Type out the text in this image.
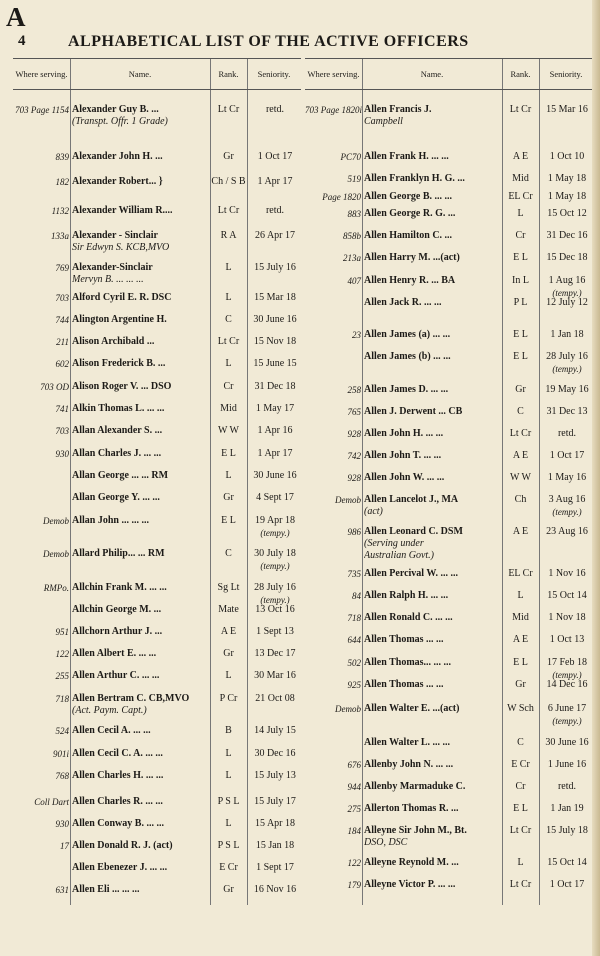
A
4	ALPHABETICAL LIST OF THE ACTIVE OFFICERS
Where serving.	Name.	Rank.	Seniority.
703 Page 1154 Alexander Guy B. ...
(Transpt. Offr. 1 Grade)
Lt Cr	retd.
839 Alexander John H. ...	Gr	1 Oct 17
182 Alexander Robert... }	Ch / S B	1 Apr 17
1132 Alexander William R....	Lt Cr	retd.
133a Alexander - Sinclair
Sir Edwyn S. KCB,MVO
R A	26 Apr 17
769 Alexander-Sinclair
Mervyn B. ... ... ...
L	15 July 16
703 Alford Cyril E. R. DSC	L	15 Mar 18
744 Alington Argentine H.	C	30 June 16
211 Alison Archibald ...	Lt Cr	15 Nov 18
602 Alison Frederick B. ...	L	15 June 15
703 OD Alison Roger V. ... DSO	Cr	31 Dec 18
741 Alkin Thomas L. ... ...	Mid	1 May 17
703 Allan Alexander S. ...	W W	1 Apr 16
930 Allan Charles J. ... ...	E L	1 Apr 17
Allan George ... ... RM	L	30 June 16
Allan George Y. ... ...	Gr	4 Sept 17
Demob Allan John ... ... ...	E L	19 Apr 18
(tempy.)
Demob Allard Philip... ... RM	C	30 July 18
(tempy.)
RMPo. Allchin Frank M. ... ...	Sg Lt	28 July 16
(tempy.)
Allchin George M. ...	Mate	13 Oct 16
951 Allchorn Arthur J. ...	A E	1 Sept 13
122 Allen Albert E. ... ...	Gr	13 Dec 17
255 Allen Arthur C. ... ...	L	30 Mar 16
718 Allen Bertram C. CB,MVO
(Act. Paym. Capt.)
P Cr	21 Oct 08
524 Allen Cecil A. ... ...	B	14 July 15
901i Allen Cecil C. A. ... ...	L	30 Dec 16
768 Allen Charles H. ... ...	L	15 July 13
Coll Dart Allen Charles R. ... ...	P S L	15 July 17
930 Allen Conway B. ... ...	L	15 Apr 18
17 Allen Donald R. J. (act)	P S L	15 Jan 18
Allen Ebenezer J. ... ...	E Cr	1 Sept 17
631 Allen Eli ... ... ...	Gr	16 Nov 16
Where serving.	Name.	Rank.	Seniority.
703 Page 1820i Allen Francis J.
Campbell
Lt Cr	15 Mar 16
PC70 Allen Frank H. ... ...	A E	1 Oct 10
519 Allen Franklyn H. G. ...	Mid	1 May 18
Page 1820 Allen George B. ... ...	EL Cr	1 May 18
883 Allen George R. G. ...	L	15 Oct 12
858b Allen Hamilton C. ...	Cr	31 Dec 16
213a Allen Harry M. ...(act)	E L	15 Dec 18
407 Allen Henry R. ... BA	In L	1 Aug 16
(tempy.)
Allen Jack R. ... ...	P L	12 July 12
23 Allen James (a) ... ...	E L	1 Jan 18
Allen James (b) ... ...	E L	28 July 16
(tempy.)
258 Allen James D. ... ...	Gr	19 May 16
765 Allen J. Derwent ... CB	C	31 Dec 13
928 Allen John H. ... ...	Lt Cr	retd.
742 Allen John T. ... ...	A E	1 Oct 17
928 Allen John W. ... ...	W W	1 May 16
Demob Allen Lancelot J., MA
(act)
Ch	3 Aug 16
(tempy.)
986 Allen Leonard C. DSM
(Serving under
Australian Govt.)
A E	23 Aug 16
735 Allen Percival W. ... ...	EL Cr	1 Nov 16
84 Allen Ralph H. ... ...	L	15 Oct 14
718 Allen Ronald C. ... ...	Mid	1 Nov 18
644 Allen Thomas ... ...	A E	1 Oct 13
502 Allen Thomas... ... ...	E L	17 Feb 18
(tempy.)
925 Allen Thomas ... ...	Gr	14 Dec 16
Demob Allen Walter E. ...(act)	W Sch	6 June 17
(tempy.)
Allen Walter L. ... ...	C	30 June 16
676 Allenby John N. ... ...	E Cr	1 June 16
944 Allenby Marmaduke C.	Cr	retd.
275 Allerton Thomas R. ...	E L	1 Jan 19
184 Alleyne Sir John M., Bt.
DSO, DSC
Lt Cr	15 July 18
122 Alleyne Reynold M. ...	L	15 Oct 14
179 Alleyne Victor P. ... ...	Lt Cr	1 Oct 17
